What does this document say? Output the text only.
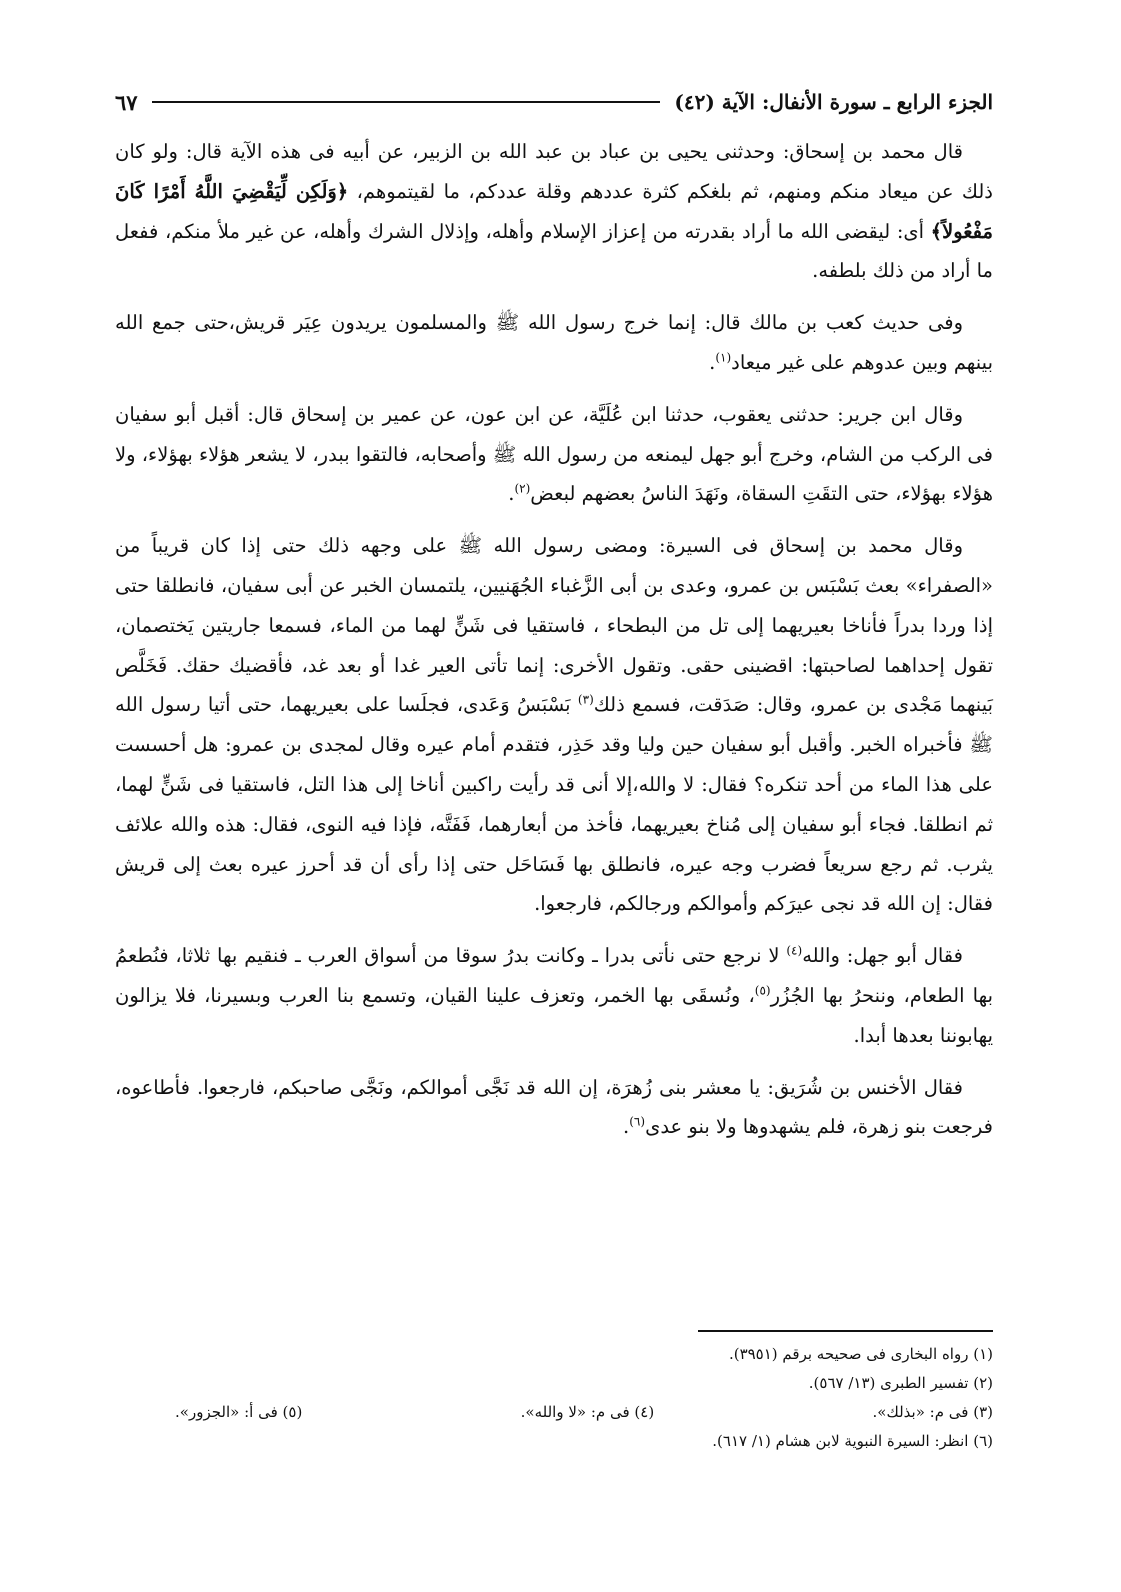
الجزء الرابع ـ سورة الأنفال: الآية (٤٢)
٦٧

قال محمد بن إسحاق: وحدثنى يحيى بن عباد بن عبد الله بن الزبير، عن أبيه فى هذه الآية قال: ولو كان ذلك عن ميعاد منكم ومنهم، ثم بلغكم كثرة عددهم وقلة عددكم، ما لقيتموهم، ﴿وَلَكِن لِّيَقْضِيَ اللَّهُ أَمْرًا كَانَ مَفْعُولاً﴾ أى: ليقضى الله ما أراد بقدرته من إعزاز الإسلام وأهله، وإذلال الشرك وأهله، عن غير ملأ منكم، ففعل ما أراد من ذلك بلطفه.

وفى حديث كعب بن مالك قال: إنما خرج رسول الله ﷺ والمسلمون يريدون عِيَر قريش،حتى جمع الله بينهم وبين عدوهم على غير ميعاد$^{(١)}$.

وقال ابن جرير: حدثنى يعقوب، حدثنا ابن عُلَيَّة، عن ابن عون، عن عمير بن إسحاق قال: أقبل أبو سفيان فى الركب من الشام، وخرج أبو جهل ليمنعه من رسول الله ﷺ وأصحابه، فالتقوا ببدر، لا يشعر هؤلاء بهؤلاء، ولا هؤلاء بهؤلاء، حتى التقَتِ السقاة، ونَهَدَ الناسُ بعضهم لبعض$^{(٢)}$.

وقال محمد بن إسحاق فى السيرة: ومضى رسول الله ﷺ على وجهه ذلك حتى إذا كان قريباً من «الصفراء» بعث بَسْبَس بن عمرو، وعدى بن أبى الزَّغباء الجُهَنيين، يلتمسان الخبر عن أبى سفيان، فانطلقا حتى إذا وردا بدراً فأناخا بعيريهما إلى تل من البطحاء ، فاستقيا فى شَنٍّ لهما من الماء، فسمعا جاريتين يَختصمان، تقول إحداهما لصاحبتها: اقضينى حقى. وتقول الأخرى: إنما تأتى العير غدا أو بعد غد، فأقضيك حقك. فَخَلَّص بَينهما مَجْدى بن عمرو، وقال: صَدَقت، فسمع ذلك$^{(٣)}$ بَسْبَسُ وَعَدى، فجلَسا على بعيريهما، حتى أتيا رسول الله ﷺ فأخبراه الخبر. وأقبل أبو سفيان حين وليا وقد حَذِر، فتقدم أمام عيره وقال لمجدى بن عمرو: هل أحسست على هذا الماء من أحد تنكره؟ فقال: لا والله،إلا أنى قد رأيت راكبين أناخا إلى هذا التل، فاستقيا فى شَنٍّ لهما، ثم انطلقا. فجاء أبو سفيان إلى مُناخ بعيريهما، فأخذ من أبعارهما، فَفَتَّه، فإذا فيه النوى، فقال: هذه والله علائف يثرب. ثم رجع سريعاً فضرب وجه عيره، فانطلق بها فَسَاحَل حتى إذا رأى أن قد أحرز عيره بعث إلى قريش فقال: إن الله قد نجى عيرَكم وأموالكم ورجالكم، فارجعوا.

فقال أبو جهل: والله$^{(٤)}$ لا نرجع حتى نأتى بدرا ـ وكانت بدرُ سوقا من أسواق العرب ـ فنقيم بها ثلاثا، فنُطعمُ بها الطعام، وننحرُ بها الجُزُر$^{(٥)}$، ونُسقَى بها الخمر، وتعزف علينا القيان، وتسمع بنا العرب وبسيرنا، فلا يزالون يهابوننا بعدها أبدا.

فقال الأخنس بن شُرَيق: يا معشر بنى زُهرَة، إن الله قد نَجَّى أموالكم، ونَجَّى صاحبكم، فارجعوا. فأطاعوه، فرجعت بنو زهرة، فلم يشهدوها ولا بنو عدى$^{(٦)}$.

(١) رواه البخارى فى صحيحه برقم (٣٩٥١).
(٢) تفسير الطبرى (١٣/ ٥٦٧).
(٣) فى م: «بذلك».
(٤) فى م: «لا والله».
(٥) فى أ: «الجزور».
(٦) انظر: السيرة النبوية لابن هشام (١/ ٦١٧).
